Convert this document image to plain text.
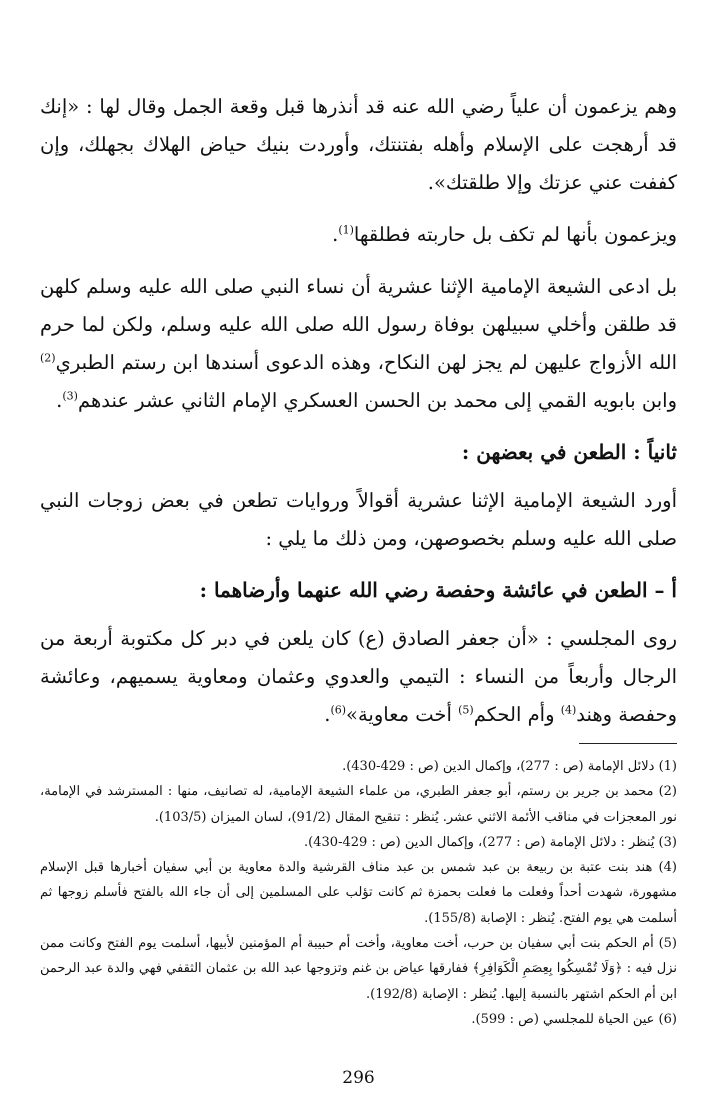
وهم يزعمون أن علياً رضي الله عنه قد أنذرها قبل وقعة الجمل وقال لها : «إنك قد أرهجت على الإسلام وأهله بفتنتك، وأوردت بنيك حياض الهلاك بجهلك، وإن كففت عني عزتك وإلا طلقتك».

ويزعمون بأنها لم تكف بل حاربته فطلقها$^{(1)}$.

بل ادعى الشيعة الإمامية الإثنا عشرية أن نساء النبي صلى الله عليه وسلم كلهن قد طلقن وأخلي سبيلهن بوفاة رسول الله صلى الله عليه وسلم، ولكن لما حرم الله الأزواج عليهن لم يجز لهن النكاح، وهذه الدعوى أسندها ابن رستم الطبري$^{(2)}$ وابن بابويه القمي إلى محمد بن الحسن العسكري الإمام الثاني عشر عندهم$^{(3)}$.

ثانياً : الطعن في بعضهن :

أورد الشيعة الإمامية الإثنا عشرية أقوالاً وروايات تطعن في بعض زوجات النبي صلى الله عليه وسلم بخصوصهن، ومن ذلك ما يلي :

أ – الطعن في عائشة وحفصة رضي الله عنهما وأرضاهما :

روى المجلسي : «أن جعفر الصادق (ع) كان يلعن في دبر كل مكتوبة أربعة من الرجال وأربعاً من النساء : التيمي والعدوي وعثمان ومعاوية يسميهم، وعائشة وحفصة وهند$^{(4)}$ وأم الحكم$^{(5)}$ أخت معاوية»$^{(6)}$.

(1) دلائل الإمامة (ص : 277)، وإكمال الدين (ص : 429-430).

(2) محمد بن جرير بن رستم، أبو جعفر الطبري، من علماء الشيعة الإمامية، له تصانيف، منها : المسترشد في الإمامة، نور المعجزات في مناقب الأئمة الاثني عشر. يُنظر : تنقيح المقال (91/2)، لسان الميزان (103/5).

(3) يُنظر : دلائل الإمامة (ص : 277)، وإكمال الدين (ص : 429-430).

(4) هند بنت عتبة بن ربيعة بن عبد شمس بن عبد مناف القرشية والدة معاوية بن أبي سفيان أخبارها قبل الإسلام مشهورة، شهدت أحداً وفعلت ما فعلت بحمزة ثم كانت تؤلب على المسلمين إلى أن جاء الله بالفتح فأسلم زوجها ثم أسلمت هي يوم الفتح. يُنظر : الإصابة (155/8).

(5) أم الحكم بنت أبي سفيان بن حرب، أخت معاوية، وأخت أم حبيبة أم المؤمنين لأبيها، أسلمت يوم الفتح وكانت ممن نزل فيه : ﴿وَلَا تُمْسِكُوا بِعِصَمِ الْكَوَافِرِ﴾ ففارقها عياض بن غنم وتزوجها عبد الله بن عثمان الثقفي فهي والدة عبد الرحمن ابن أم الحكم اشتهر بالنسبة إليها. يُنظر : الإصابة (192/8).

(6) عين الحياة للمجلسي (ص : 599).

296
